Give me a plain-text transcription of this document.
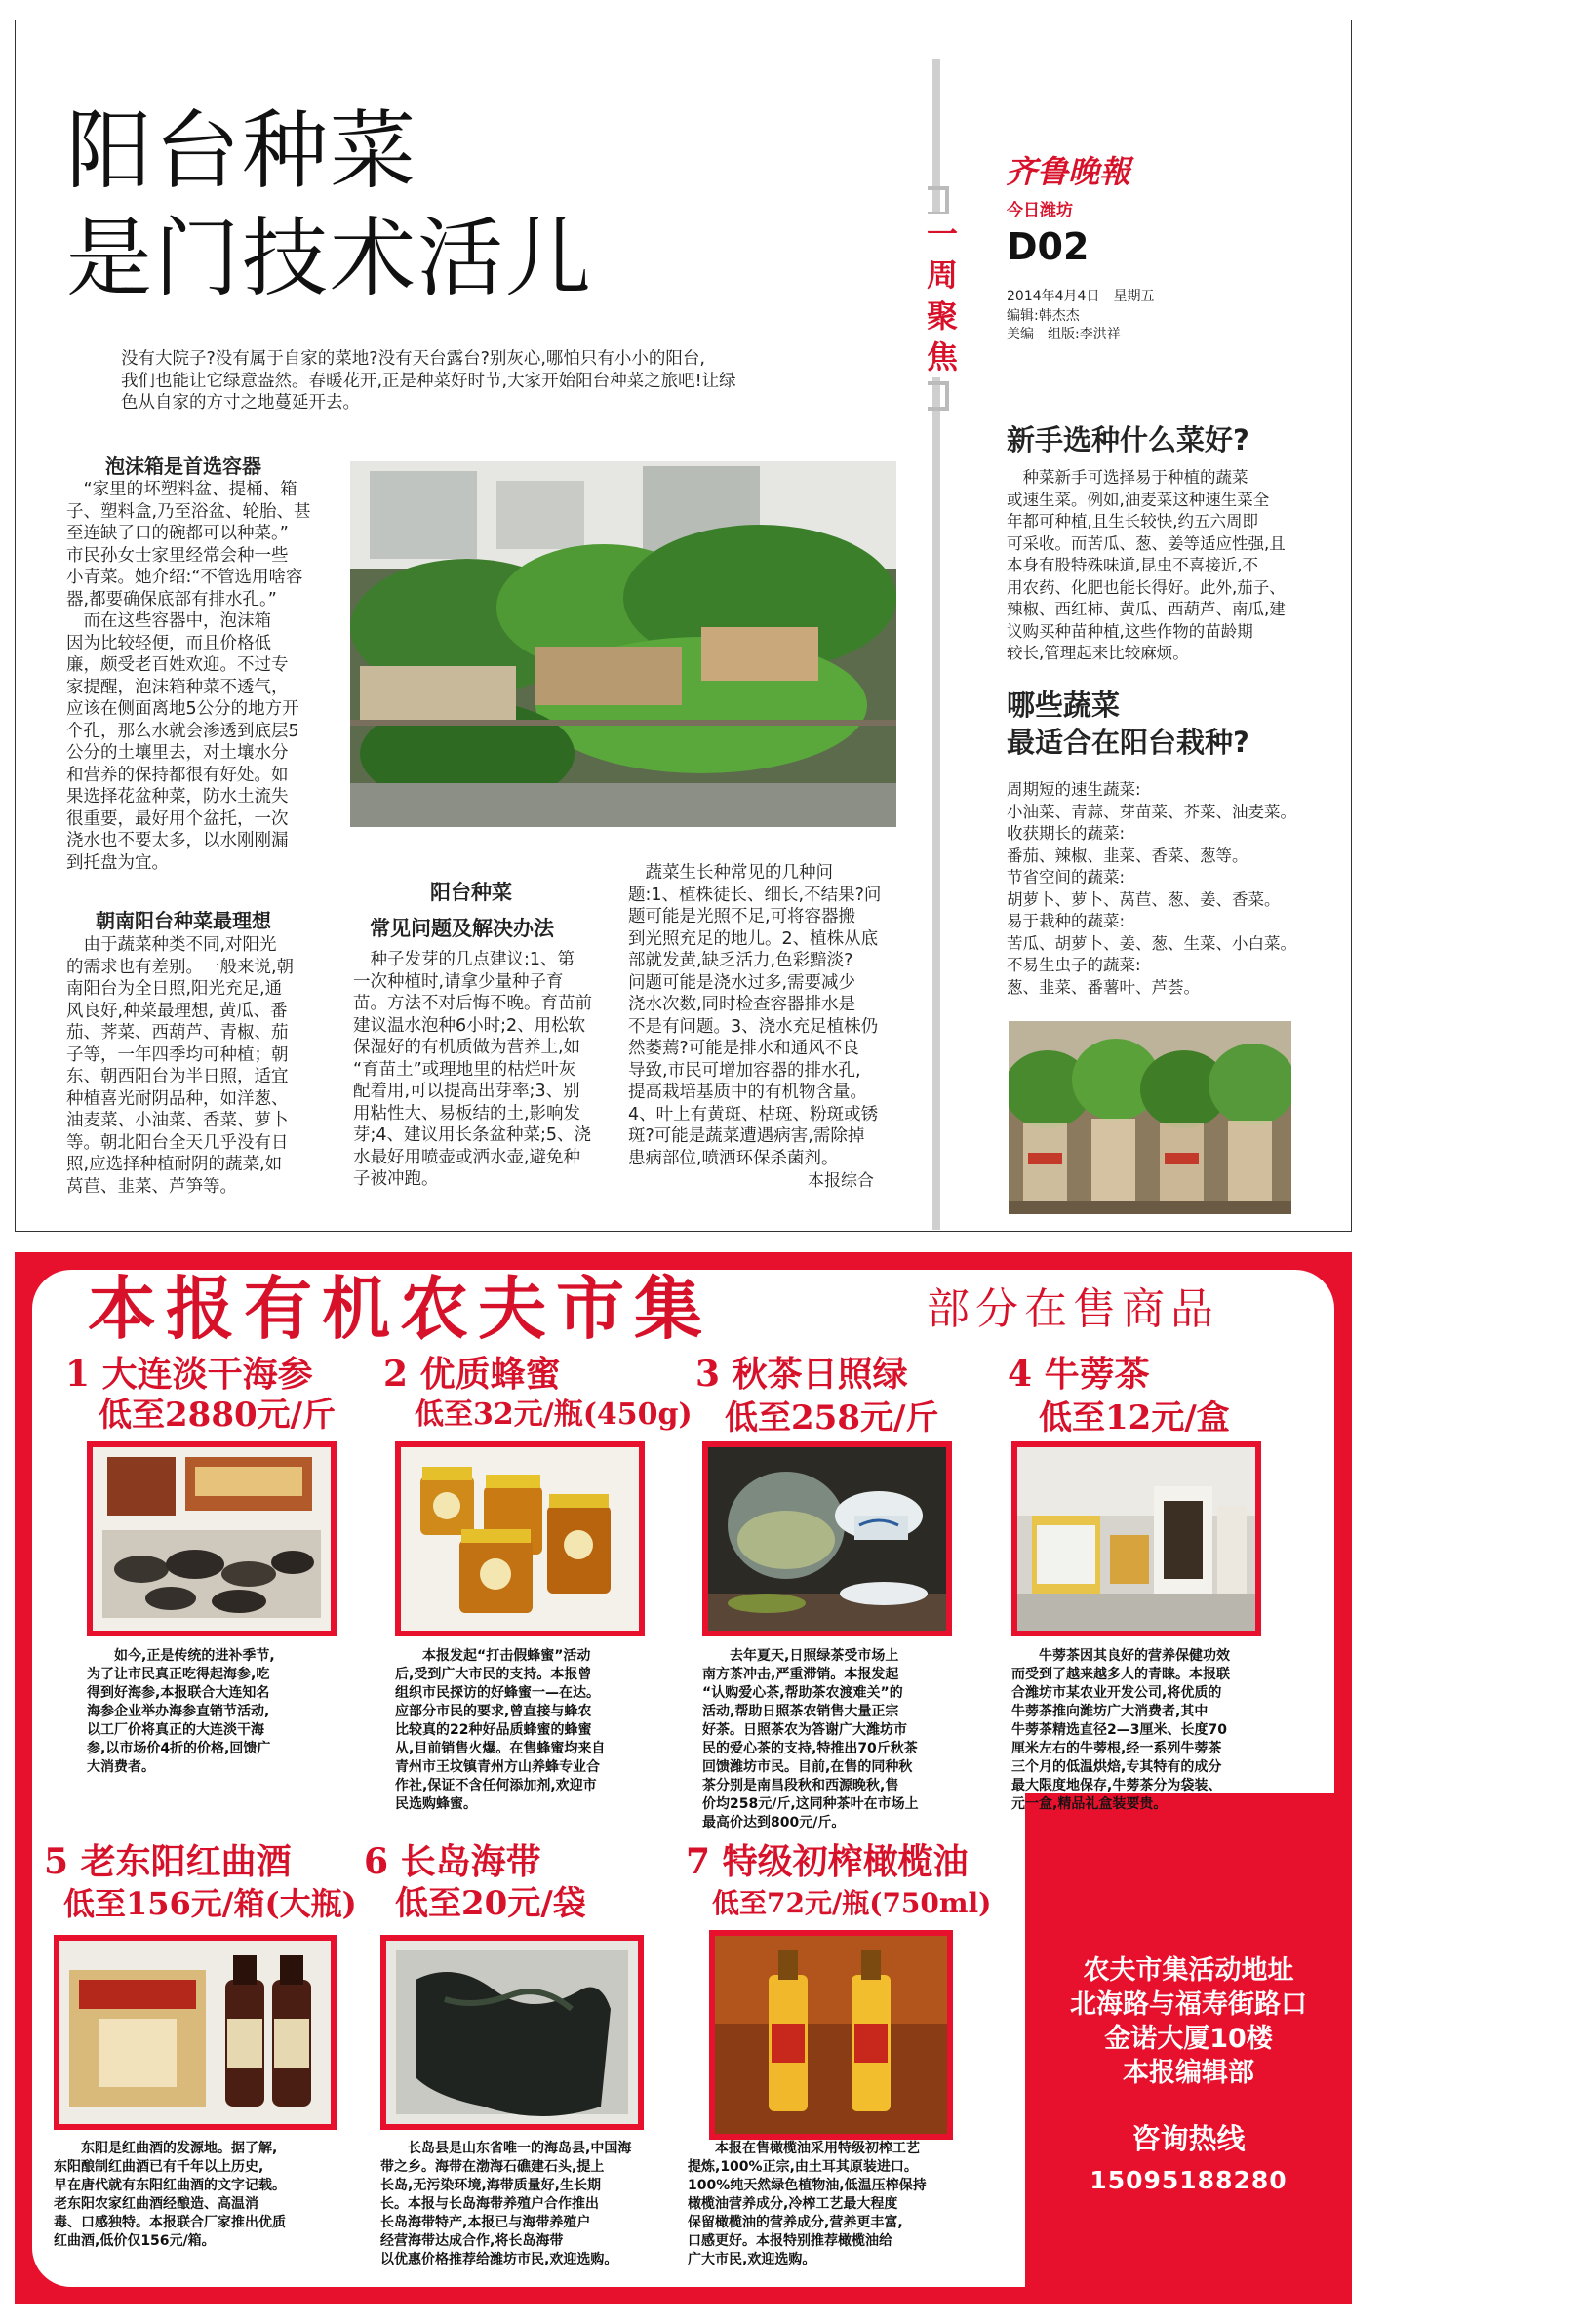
阳台种菜
是门技术活儿
没有大院子?没有属于自家的菜地?没有天台露台?别灰心,哪怕只有小小的阳台,
我们也能让它绿意盎然。春暖花开,正是种菜好时节,大家开始阳台种菜之旅吧!让绿
色从自家的方寸之地蔓延开去。
泡沫箱是首选容器
　“家里的坏塑料盆、提桶、箱
子、塑料盒,乃至浴盆、轮胎、甚
至连缺了口的碗都可以种菜。”
市民孙女士家里经常会种一些
小青菜。她介绍:“不管选用啥容
器,都要确保底部有排水孔。”
　而在这些容器中，泡沫箱
因为比较轻便，而且价格低
廉，颇受老百姓欢迎。不过专
家提醒，泡沫箱种菜不透气，
应该在侧面离地5公分的地方开
个孔，那么水就会渗透到底层5
公分的土壤里去，对土壤水分
和营养的保持都很有好处。如
果选择花盆种菜，防水土流失
很重要，最好用个盆托，一次
浇水也不要太多，以水刚刚漏
到托盘为宜。
朝南阳台种菜最理想
　由于蔬菜种类不同,对阳光
的需求也有差别。一般来说,朝
南阳台为全日照,阳光充足,通
风良好,种菜最理想, 黄瓜、番
茄、荠菜、西葫芦、青椒、茄
子等，一年四季均可种植；朝
东、朝西阳台为半日照，适宜
种植喜光耐阴品种，如洋葱、
油麦菜、小油菜、香菜、萝卜
等。朝北阳台全天几乎没有日
照,应选择种植耐阴的蔬菜,如
莴苣、韭菜、芦笋等。
阳台种菜
常见问题及解决办法
　种子发芽的几点建议:1、第
一次种植时,请拿少量种子育
苗。方法不对后悔不晚。育苗前
建议温水泡种6小时;2、用松软
保湿好的有机质做为营养土,如
“育苗土”或理地里的枯烂叶灰
配着用,可以提高出芽率;3、别
用粘性大、易板结的土,影响发
芽;4、建议用长条盆种菜;5、浇
水最好用喷壶或洒水壶,避免种
子被冲跑。
　蔬菜生长种常见的几种问
题:1、植株徒长、细长,不结果?问
题可能是光照不足,可将容器搬
到光照充足的地儿。2、植株从底
部就发黄,缺乏活力,色彩黯淡?
问题可能是浇水过多,需要减少
浇水次数,同时检查容器排水是
不是有问题。3、浇水充足植株仍
然萎蔫?可能是排水和通风不良
导致,市民可增加容器的排水孔,
提高栽培基质中的有机物含量。
4、叶上有黄斑、枯斑、粉斑或锈
斑?可能是蔬菜遭遇病害,需除掉
患病部位,喷洒环保杀菌剂。
本报综合
一周聚焦
齐鲁晚報
今日潍坊
D02
2014年4月4日　星期五
编辑:韩杰杰
美编　组版:李洪祥
新手选种什么菜好?
　种菜新手可选择易于种植的蔬菜
或速生菜。例如,油麦菜这种速生菜全
年都可种植,且生长较快,约五六周即
可采收。而苦瓜、葱、姜等适应性强,且
本身有股特殊味道,昆虫不喜接近,不
用农药、化肥也能长得好。此外,茄子、
辣椒、西红柿、黄瓜、西葫芦、南瓜,建
议购买种苗种植,这些作物的苗龄期
较长,管理起来比较麻烦。
哪些蔬菜
最适合在阳台栽种?
周期短的速生蔬菜:
小油菜、青蒜、芽苗菜、芥菜、油麦菜。
收获期长的蔬菜:
番茄、辣椒、韭菜、香菜、葱等。
节省空间的蔬菜:
胡萝卜、萝卜、莴苣、葱、姜、香菜。
易于栽种的蔬菜:
苦瓜、胡萝卜、姜、葱、生菜、小白菜。
不易生虫子的蔬菜:
葱、韭菜、番薯叶、芦荟。
本报有机农夫市集	部分在售商品
1 大连淡干海参
低至2880元/斤
　　如今,正是传统的进补季节,
为了让市民真正吃得起海参,吃
得到好海参,本报联合大连知名
海参企业举办海参直销节活动,
以工厂价将真正的大连淡干海
参,以市场价4折的价格,回馈广
大消费者。
2 优质蜂蜜
低至32元/瓶(450g)
　　本报发起“打击假蜂蜜”活动
后,受到广大市民的支持。本报曾
组织市民探访的好蜂蜜一—在达。
应部分市民的要求,曾直接与蜂农
比较真的22种好品质蜂蜜的蜂蜜
从,目前销售火爆。在售蜂蜜均来自
青州市王坟镇青州方山养蜂专业合
作社,保证不含任何添加剂,欢迎市
民选购蜂蜜。
3 秋茶日照绿
低至258元/斤
　　去年夏天,日照绿茶受市场上
南方茶冲击,严重滞销。本报发起
“认购爱心茶,帮助茶农渡难关”的
活动,帮助日照茶农销售大量正宗
好茶。日照茶农为答谢广大潍坊市
民的爱心茶的支持,特推出70斤秋茶
回馈潍坊市民。目前,在售的同种秋
茶分别是南昌段秋和西源晚秋,售
价均258元/斤,这同种茶叶在市场上
最高价达到800元/斤。
4 牛蒡茶
低至12元/盒
　　牛蒡茶因其良好的营养保健功效
而受到了越来越多人的青睐。本报联
合潍坊市某农业开发公司,将优质的
牛蒡茶推向潍坊广大消费者,其中
牛蒡茶精选直径2—3厘米、长度70
厘米左右的牛蒡根,经一系列牛蒡茶
三个月的低温烘焙,专其特有的成分
最大限度地保存,牛蒡茶分为袋装、
元一盒,精品礼盒装要贵。
5 老东阳红曲酒
低至156元/箱(大瓶)
　　东阳是红曲酒的发源地。据了解,
东阳酿制红曲酒已有千年以上历史,
早在唐代就有东阳红曲酒的文字记载。
老东阳农家红曲酒经酿造、高温消
毒、口感独特。本报联合厂家推出优质
红曲酒,低价仅156元/箱。
6 长岛海带
低至20元/袋
　　长岛县是山东省唯一的海岛县,中国海
带之乡。海带在渤海石礁建石头,提上
长岛,无污染环境,海带质量好,生长期
长。本报与长岛海带养殖户合作推出
长岛海带特产,本报已与海带养殖户
经营海带达成合作,将长岛海带
以优惠价格推荐给潍坊市民,欢迎选购。
7 特级初榨橄榄油
低至72元/瓶(750ml)
　　本报在售橄榄油采用特级初榨工艺
提炼,100%正宗,由土耳其原装进口。
100%纯天然绿色植物油,低温压榨保持
橄榄油营养成分,冷榨工艺最大程度
保留橄榄油的营养成分,营养更丰富,
口感更好。本报特别推荐橄榄油给
广大市民,欢迎选购。
农夫市集活动地址
北海路与福寿街路口
金诺大厦10楼
本报编辑部
咨询热线
15095188280
